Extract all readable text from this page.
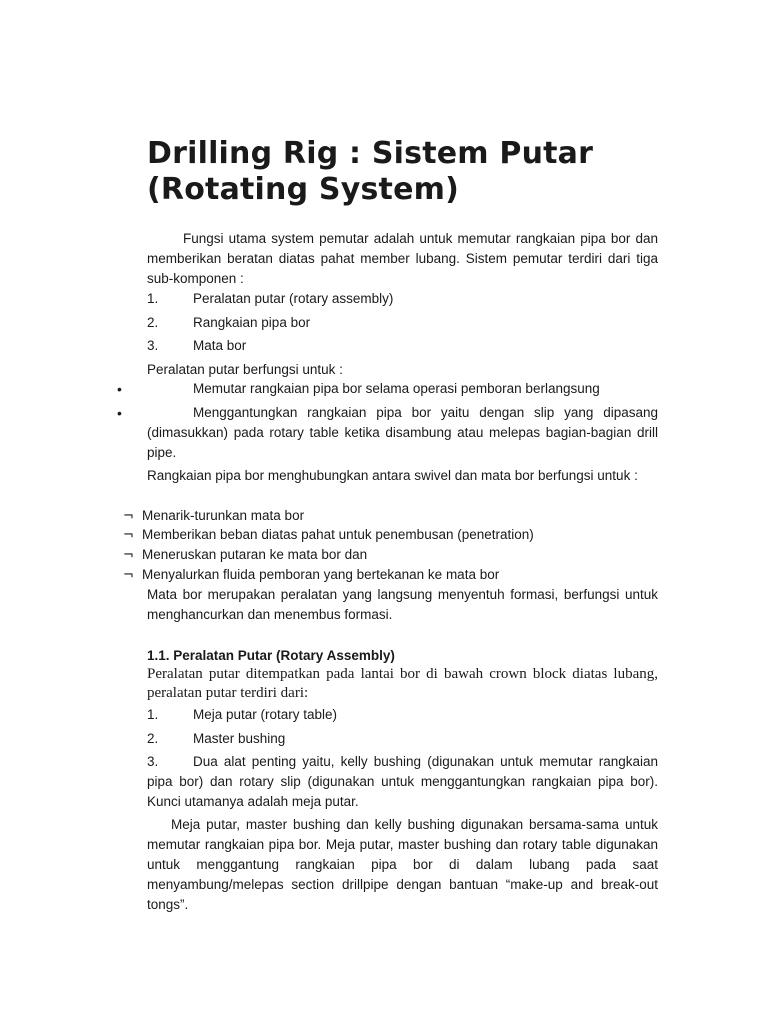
Drilling Rig : Sistem Putar
(Rotating System)

Fungsi utama system pemutar adalah untuk memutar rangkaian pipa bor dan memberikan beratan diatas pahat member lubang. Sistem pemutar terdiri dari tiga sub-komponen :

1.	Peralatan putar (rotary assembly)
2.	Rangkaian pipa bor
3.	Mata bor

Peralatan putar berfungsi untuk :

•	Memutar rangkaian pipa bor selama operasi pemboran berlangsung
•	Menggantungkan rangkaian pipa bor yaitu dengan slip yang dipasang (dimasukkan) pada rotary table ketika disambung atau melepas bagian-bagian drill pipe.

Rangkaian pipa bor menghubungkan antara swivel dan mata bor berfungsi untuk :

¬ Menarik-turunkan mata bor
¬ Memberikan beban diatas pahat untuk penembusan (penetration)
¬ Meneruskan putaran ke mata bor dan
¬ Menyalurkan fluida pemboran yang bertekanan ke mata bor

Mata bor merupakan peralatan yang langsung menyentuh formasi, berfungsi untuk menghancurkan dan menembus formasi.

1.1. Peralatan Putar (Rotary Assembly)
Peralatan putar ditempatkan pada lantai bor di bawah crown block diatas lubang, peralatan putar terdiri dari:
1.	Meja putar (rotary table)
2.	Master bushing
3.	Dua alat penting yaitu, kelly bushing (digunakan untuk memutar rangkaian pipa bor) dan rotary slip (digunakan untuk menggantungkan rangkaian pipa bor). Kunci utamanya adalah meja putar.

Meja putar, master bushing dan kelly bushing digunakan bersama-sama untuk memutar rangkaian pipa bor. Meja putar, master bushing dan rotary table digunakan untuk menggantung rangkaian pipa bor di dalam lubang pada saat menyambung/melepas section drillpipe dengan bantuan “make-up and break-out tongs”.
